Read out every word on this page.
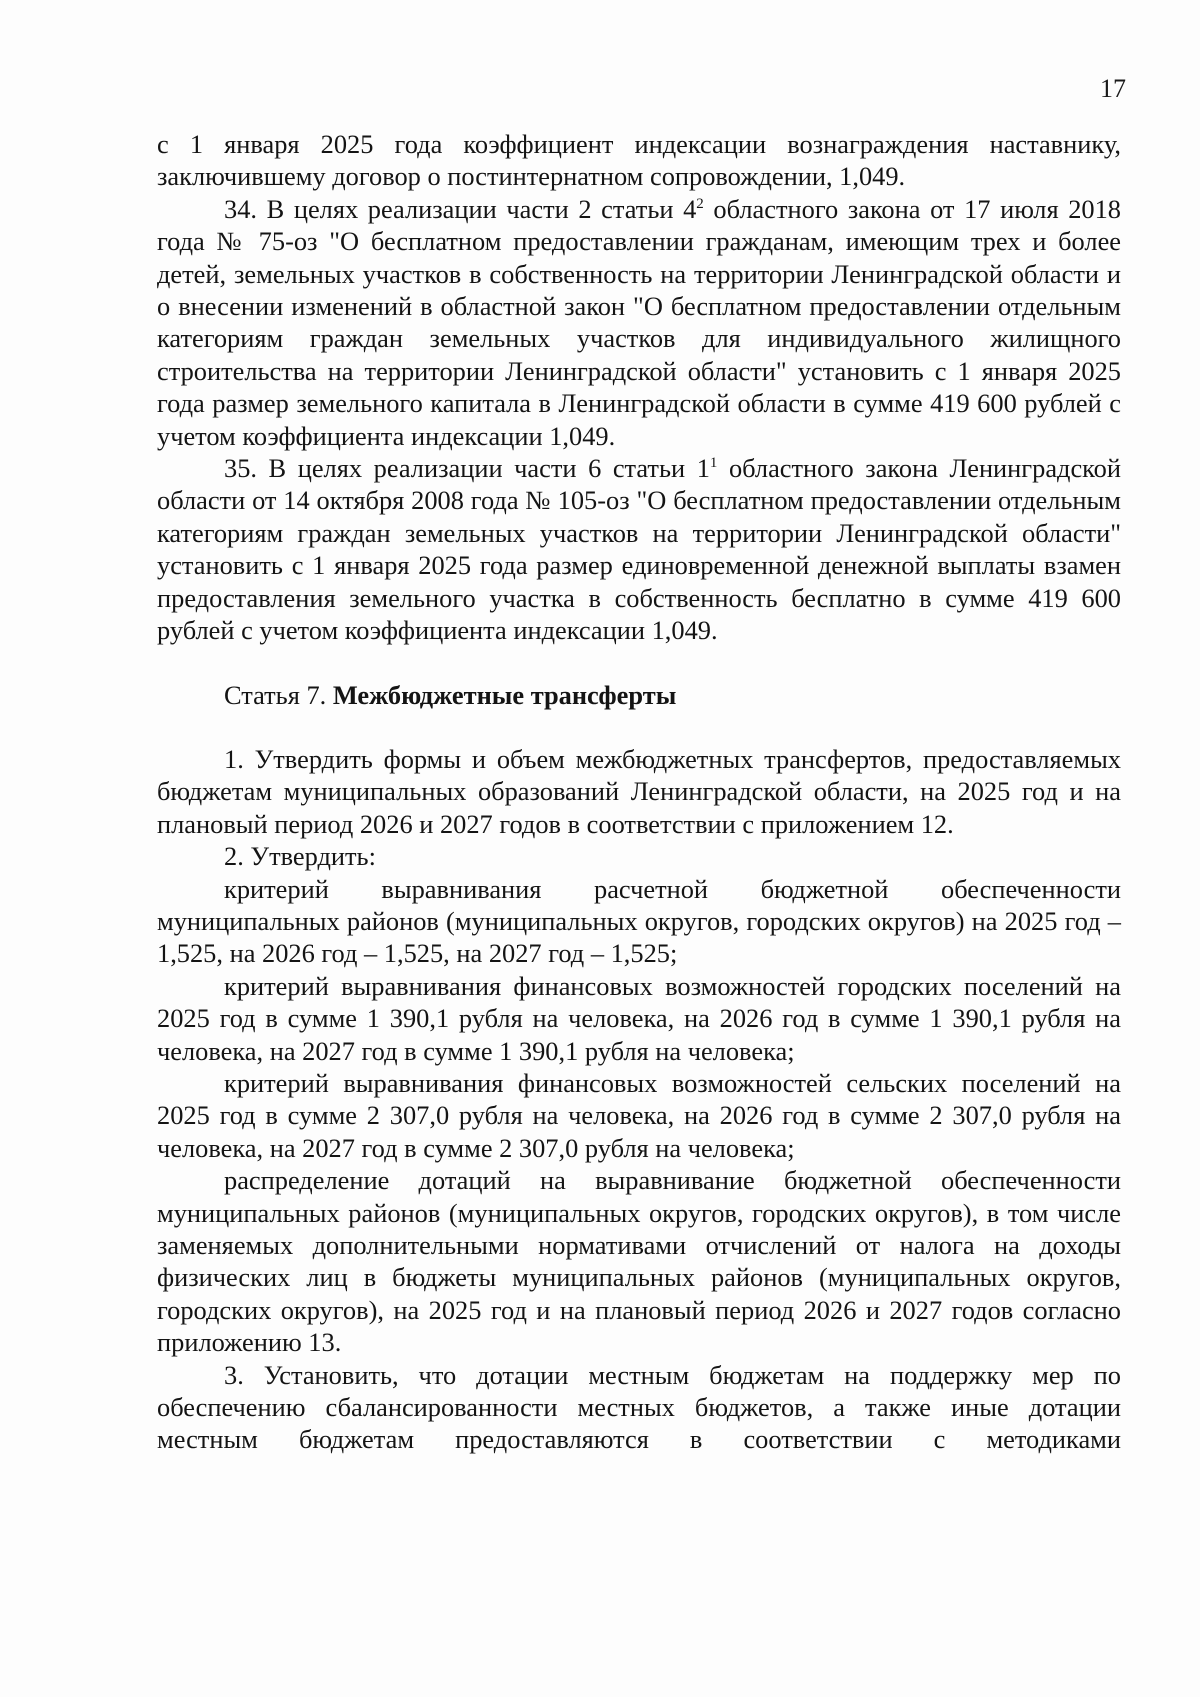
17

с 1 января 2025 года коэффициент индексации вознаграждения наставнику, заключившему договор о постинтернатном сопровождении, 1,049.

34. В целях реализации части 2 статьи $4^2$ областного закона от 17 июля 2018 года № 75-оз "О бесплатном предоставлении гражданам, имеющим трех и более детей, земельных участков в собственность на территории Ленинградской области и о внесении изменений в областной закон "О бесплатном предоставлении отдельным категориям граждан земельных участков для индивидуального жилищного строительства на территории Ленинградской области" установить с 1 января 2025 года размер земельного капитала в Ленинградской области в сумме 419 600 рублей с учетом коэффициента индексации 1,049.

35. В целях реализации части 6 статьи $1^1$ областного закона Ленинградской области от 14 октября 2008 года № 105-оз "О бесплатном предоставлении отдельным категориям граждан земельных участков на территории Ленинградской области" установить с 1 января 2025 года размер единовременной денежной выплаты взамен предоставления земельного участка в собственность бесплатно в сумме 419 600 рублей с учетом коэффициента индексации 1,049.

Статья 7. Межбюджетные трансферты

1. Утвердить формы и объем межбюджетных трансфертов, предоставляемых бюджетам муниципальных образований Ленинградской области, на 2025 год и на плановый период 2026 и 2027 годов в соответствии с приложением 12.

2. Утвердить:

критерий выравнивания расчетной бюджетной обеспеченности муниципальных районов (муниципальных округов, городских округов) на 2025 год – 1,525, на 2026 год – 1,525, на 2027 год – 1,525;

критерий выравнивания финансовых возможностей городских поселений на 2025 год в сумме 1 390,1 рубля на человека, на 2026 год в сумме 1 390,1 рубля на человека, на 2027 год в сумме 1 390,1 рубля на человека;

критерий выравнивания финансовых возможностей сельских поселений на 2025 год в сумме 2 307,0 рубля на человека, на 2026 год в сумме 2 307,0 рубля на человека, на 2027 год в сумме 2 307,0 рубля на человека;

распределение дотаций на выравнивание бюджетной обеспеченности муниципальных районов (муниципальных округов, городских округов), в том числе заменяемых дополнительными нормативами отчислений от налога на доходы физических лиц в бюджеты муниципальных районов (муниципальных округов, городских округов), на 2025 год и на плановый период 2026 и 2027 годов согласно приложению 13.

3. Установить, что дотации местным бюджетам на поддержку мер по обеспечению сбалансированности местных бюджетов, а также иные дотации местным бюджетам предоставляются в соответствии с методиками
